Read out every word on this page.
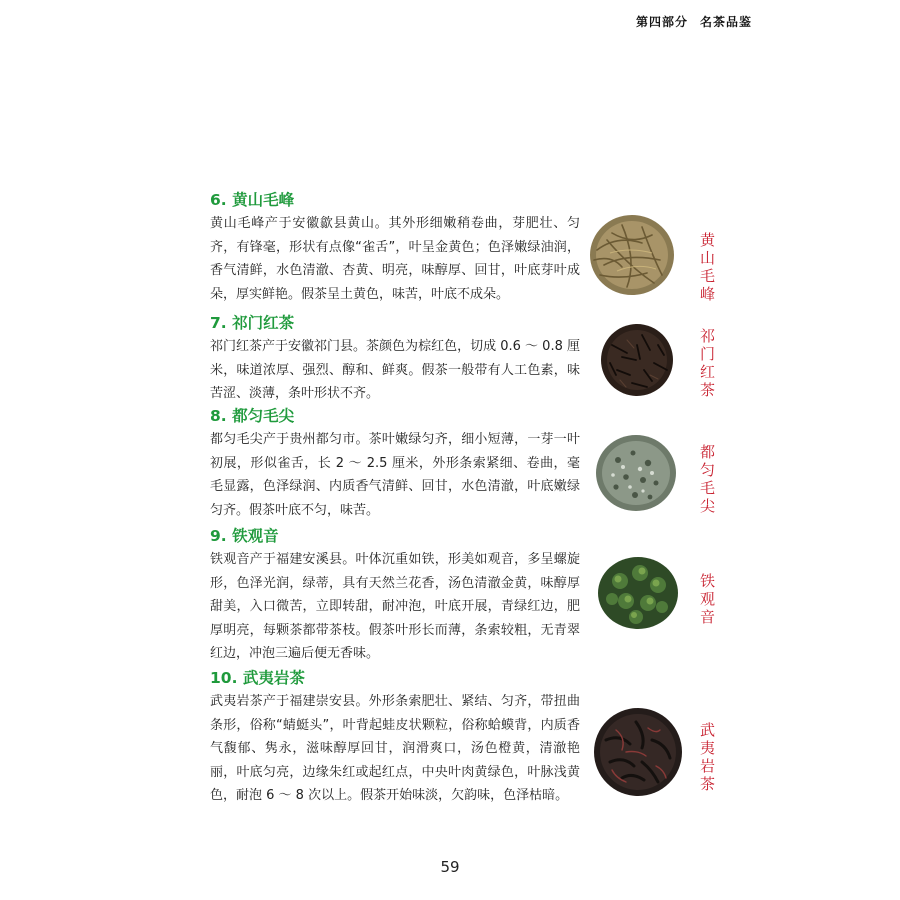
第四部分 名茶品鉴
6. 黄山毛峰

黄山毛峰产于安徽歙县黄山。其外形细嫩稍卷曲，芽肥壮、匀齐，有锋毫，形状有点像“雀舌”，叶呈金黄色；色泽嫩绿油润，香气清鲜，水色清澈、杏黄、明亮，味醇厚、回甘，叶底芽叶成朵，厚实鲜艳。假茶呈土黄色，味苦，叶底不成朵。	黄山毛峰
7. 祁门红茶

祁门红茶产于安徽祁门县。茶颜色为棕红色，切成 0.6 ～ 0.8 厘米，味道浓厚、强烈、醇和、鲜爽。假茶一般带有人工色素，味苦涩、淡薄，条叶形状不齐。	祁门红茶
8. 都匀毛尖

都匀毛尖产于贵州都匀市。茶叶嫩绿匀齐，细小短薄，一芽一叶初展，形似雀舌，长 2 ～ 2.5 厘米，外形条索紧细、卷曲，毫毛显露，色泽绿润、内质香气清鲜、回甘，水色清澈，叶底嫩绿匀齐。假茶叶底不匀，味苦。	都匀毛尖
9. 铁观音

铁观音产于福建安溪县。叶体沉重如铁，形美如观音，多呈螺旋形，色泽光润，绿蒂，具有天然兰花香，汤色清澈金黄，味醇厚甜美，入口微苦，立即转甜，耐冲泡，叶底开展，青绿红边，肥厚明亮，每颗茶都带茶枝。假茶叶形长而薄，条索较粗，无青翠红边，冲泡三遍后便无香味。

铁观音
10. 武夷岩茶

武夷岩茶产于福建崇安县。外形条索肥壮、紧结、匀齐，带扭曲条形，俗称“蜻蜓头”，叶背起蛙皮状颗粒，俗称蛤蟆背，内质香气馥郁、隽永，滋味醇厚回甘，润滑爽口，汤色橙黄，清澈艳丽，叶底匀亮，边缘朱红或起红点，中央叶肉黄绿色，叶脉浅黄色，耐泡 6 ～ 8 次以上。假茶开始味淡，欠韵味，色泽枯暗。

武夷岩茶
59
